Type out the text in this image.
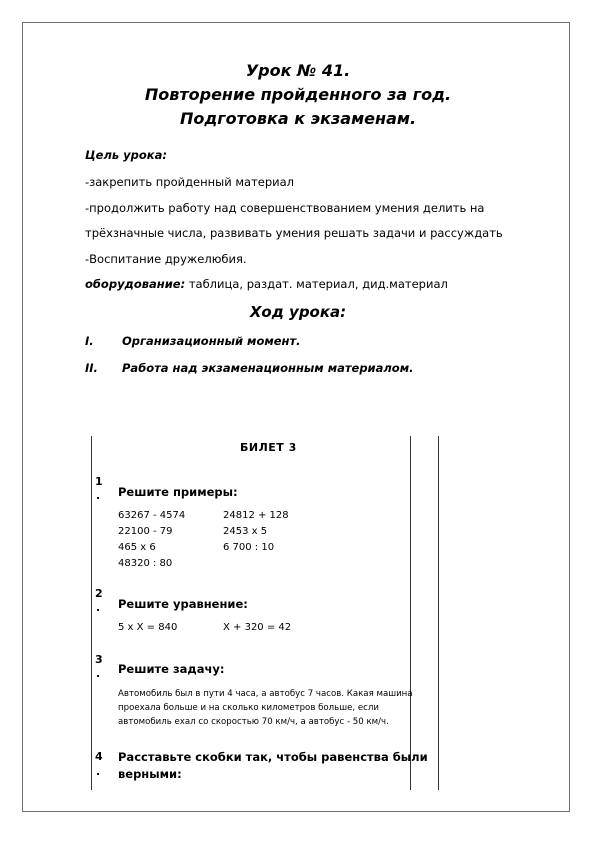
Урок № 41.
Повторение пройденного за год.
Подготовка к экзаменам.
Цель урока:
-закрепить пройденный материал
-продолжить работу над совершенствованием умения делить на
трёхзначные числа, развивать умения решать задачи и рассуждать
-Воспитание дружелюбия.
оборудование: таблица, раздат. материал, дид.материал
Ход урока:
I. Организационный момент.
II. Работа над экзаменационным материалом.
БИЛЕТ 3
1
. Решите примеры:
63267 - 4574
22100 - 79
465 х 6
48320 : 80
24812 + 128
2453 х 5
6 700 : 10
2
. Решите уравнение:
5 х Х = 840	Х + 320 = 42
3
. Решите задачу:
Автомобиль был в пути 4 часа, а автобус 7 часов. Какая машина
проехала больше и на сколько километров больше, если
автомобиль ехал со скоростью 70 км/ч, а автобус - 50 км/ч.
4
.
Расставьте скобки так, чтобы равенства были
верными:
